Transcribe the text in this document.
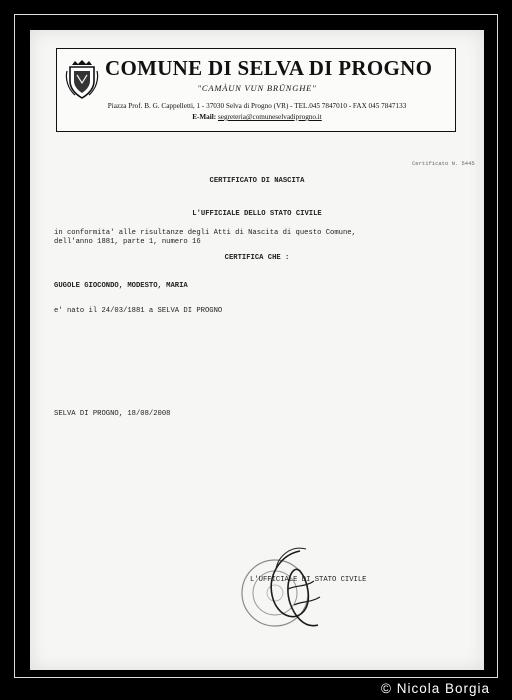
COMUNE DI SELVA DI PROGNO
"CAMÀUN VUN BRÜNGHE"
Piazza Prof. B. G. Cappelletti, 1 - 37030 Selva di Progno (VR) - TEL.045 7847010 - FAX 045 7847133
E-Mail: segreteria@comuneselvadiprogno.it
Certificato N. 5445
CERTIFICATO DI NASCITA
L'UFFICIALE DELLO STATO CIVILE
in conformita' alle risultanze degli Atti di Nascita di questo Comune,
dell'anno 1881, parte 1, numero 16
CERTIFICA CHE :
GUGOLE GIOCONDO, MODESTO, MARIA
e' nato il 24/03/1881 a SELVA DI PROGNO
SELVA DI PROGNO, 18/08/2008
L'UFFICIALE DI STATO CIVILE
© Nicola Borgia
